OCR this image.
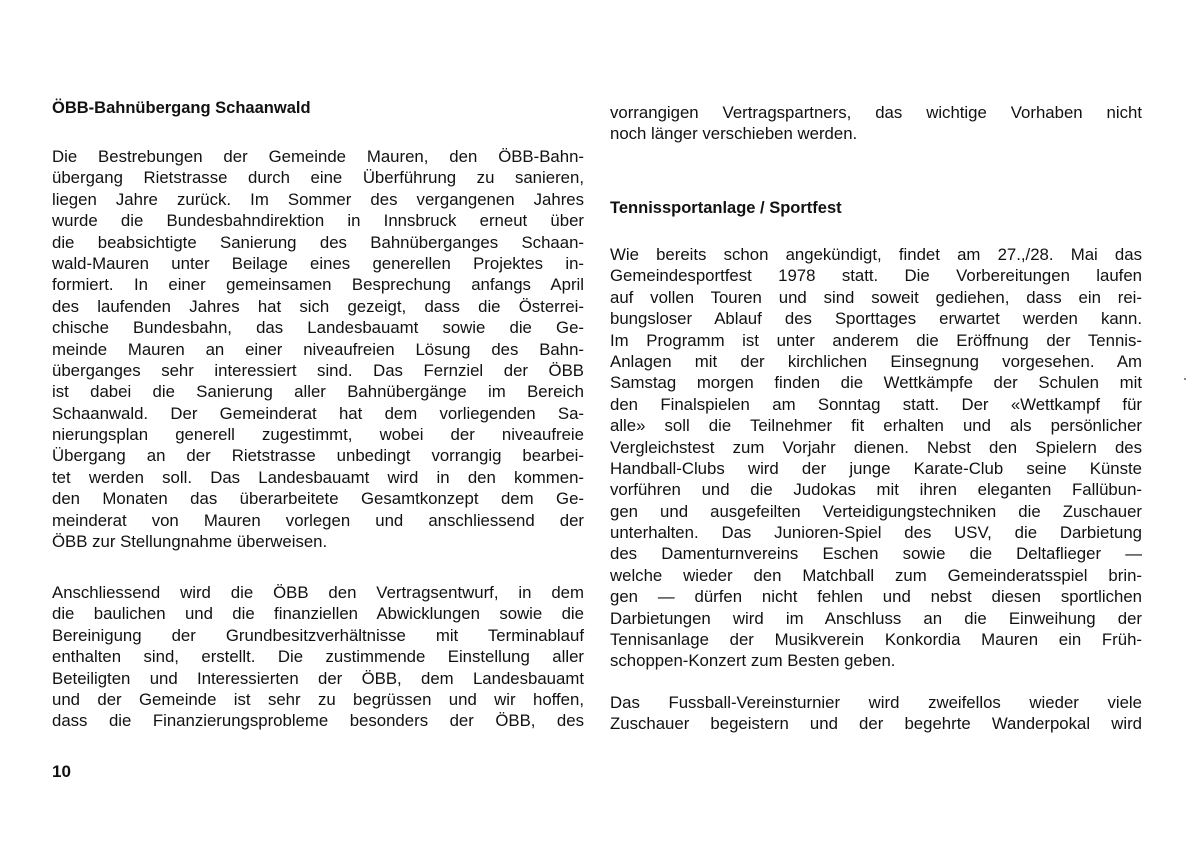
ÖBB-Bahnübergang Schaanwald
Die Bestrebungen der Gemeinde Mauren, den ÖBB-Bahn-
übergang Rietstrasse durch eine Überführung zu sanieren,
liegen Jahre zurück. Im Sommer des vergangenen Jahres
wurde die Bundesbahndirektion in Innsbruck erneut über
die beabsichtigte Sanierung des Bahnüberganges Schaan-
wald-Mauren unter Beilage eines generellen Projektes in-
formiert. In einer gemeinsamen Besprechung anfangs April
des laufenden Jahres hat sich gezeigt, dass die Österrei-
chische Bundesbahn, das Landesbauamt sowie die Ge-
meinde Mauren an einer niveaufreien Lösung des Bahn-
überganges sehr interessiert sind. Das Fernziel der ÖBB
ist dabei die Sanierung aller Bahnübergänge im Bereich
Schaanwald. Der Gemeinderat hat dem vorliegenden Sa-
nierungsplan generell zugestimmt, wobei der niveaufreie
Übergang an der Rietstrasse unbedingt vorrangig bearbei-
tet werden soll. Das Landesbauamt wird in den kommen-
den Monaten das überarbeitete Gesamtkonzept dem Ge-
meinderat von Mauren vorlegen und anschliessend der
ÖBB zur Stellungnahme überweisen.
Anschliessend wird die ÖBB den Vertragsentwurf, in dem
die baulichen und die finanziellen Abwicklungen sowie die
Bereinigung der Grundbesitzverhältnisse mit Terminablauf
enthalten sind, erstellt. Die zustimmende Einstellung aller
Beteiligten und Interessierten der ÖBB, dem Landesbauamt
und der Gemeinde ist sehr zu begrüssen und wir hoffen,
dass die Finanzierungsprobleme besonders der ÖBB, des
vorrangigen Vertragspartners, das wichtige Vorhaben nicht
noch länger verschieben werden.
Tennissportanlage / Sportfest
Wie bereits schon angekündigt, findet am 27.,/28. Mai das
Gemeindesportfest 1978 statt. Die Vorbereitungen laufen
auf vollen Touren und sind soweit gediehen, dass ein rei-
bungsloser Ablauf des Sporttages erwartet werden kann.
Im Programm ist unter anderem die Eröffnung der Tennis-
Anlagen mit der kirchlichen Einsegnung vorgesehen. Am
Samstag morgen finden die Wettkämpfe der Schulen mit
den Finalspielen am Sonntag statt. Der «Wettkampf für
alle» soll die Teilnehmer fit erhalten und als persönlicher
Vergleichstest zum Vorjahr dienen. Nebst den Spielern des
Handball-Clubs wird der junge Karate-Club seine Künste
vorführen und die Judokas mit ihren eleganten Fallübun-
gen und ausgefeilten Verteidigungstechniken die Zuschauer
unterhalten. Das Junioren-Spiel des USV, die Darbietung
des Damenturnvereins Eschen sowie die Deltaflieger —
welche wieder den Matchball zum Gemeinderatsspiel brin-
gen — dürfen nicht fehlen und nebst diesen sportlichen
Darbietungen wird im Anschluss an die Einweihung der
Tennisanlage der Musikverein Konkordia Mauren ein Früh-
schoppen-Konzert zum Besten geben.
Das Fussball-Vereinsturnier wird zweifellos wieder viele
Zuschauer begeistern und der begehrte Wanderpokal wird
10
